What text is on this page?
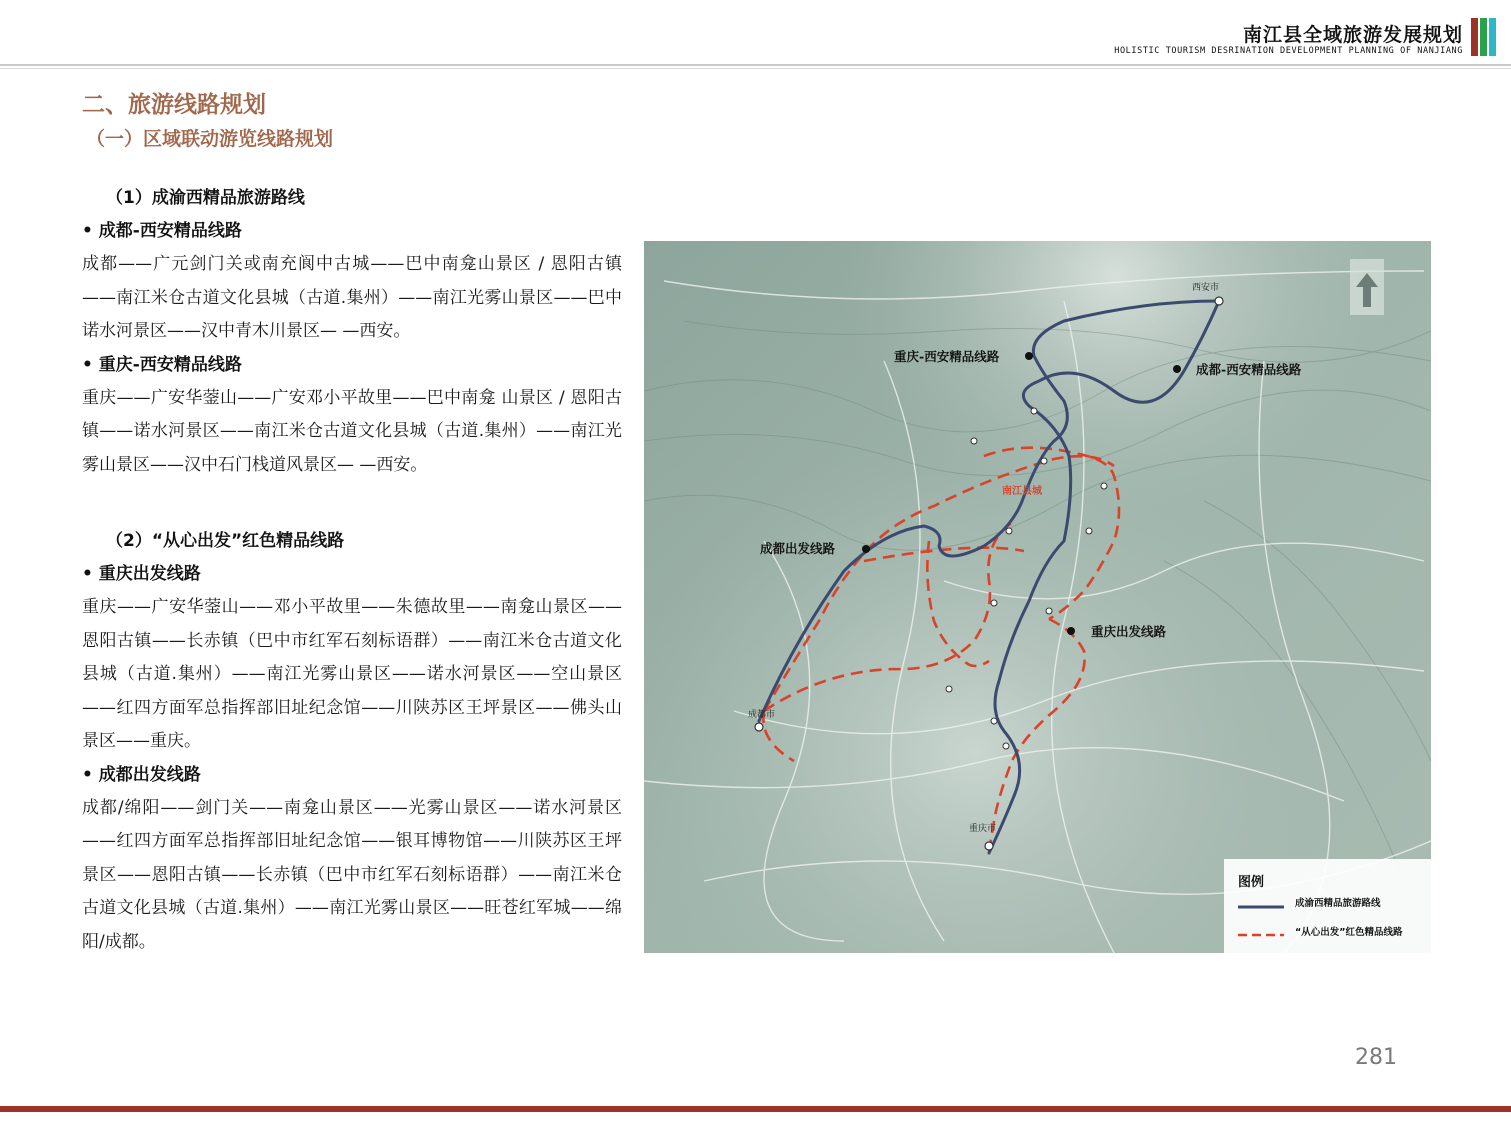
南江县全域旅游发展规划
HOLISTIC TOURISM DESRINATION DEVELOPMENT PLANNING OF NANJIANG
二、旅游线路规划
（一）区域联动游览线路规划
（1）成渝西精品旅游路线
• 成都-西安精品线路
成都——广元剑门关或南充阆中古城——巴中南龛山景区 / 恩阳古镇——南江米仓古道文化县城（古道.集州）——南江光雾山景区——巴中诺水河景区——汉中青木川景区— —西安。
• 重庆-西安精品线路
重庆——广安华蓥山——广安邓小平故里——巴中南龛 山景区 / 恩阳古镇——诺水河景区——南江米仓古道文化县城（古道.集州）——南江光雾山景区——汉中石门栈道风景区— —西安。
（2）“从心出发”红色精品线路
• 重庆出发线路
重庆——广安华蓥山——邓小平故里——朱德故里——南龛山景区——恩阳古镇——长赤镇（巴中市红军石刻标语群）——南江米仓古道文化县城（古道.集州）——南江光雾山景区——诺水河景区——空山景区——红四方面军总指挥部旧址纪念馆——川陕苏区王坪景区——佛头山景区——重庆。
• 成都出发线路
成都/绵阳——剑门关——南龛山景区——光雾山景区——诺水河景区——红四方面军总指挥部旧址纪念馆——银耳博物馆——川陕苏区王坪景区——恩阳古镇——长赤镇（巴中市红军石刻标语群）——南江米仓古道文化县城（古道.集州）——南江光雾山景区——旺苍红军城——绵阳/成都。
重庆-西安精品线路
成都-西安精品线路
成都出发线路
重庆出发线路
西安市
成都市
重庆市
南江县城
图例
成渝西精品旅游路线
“从心出发”红色精品线路
281
